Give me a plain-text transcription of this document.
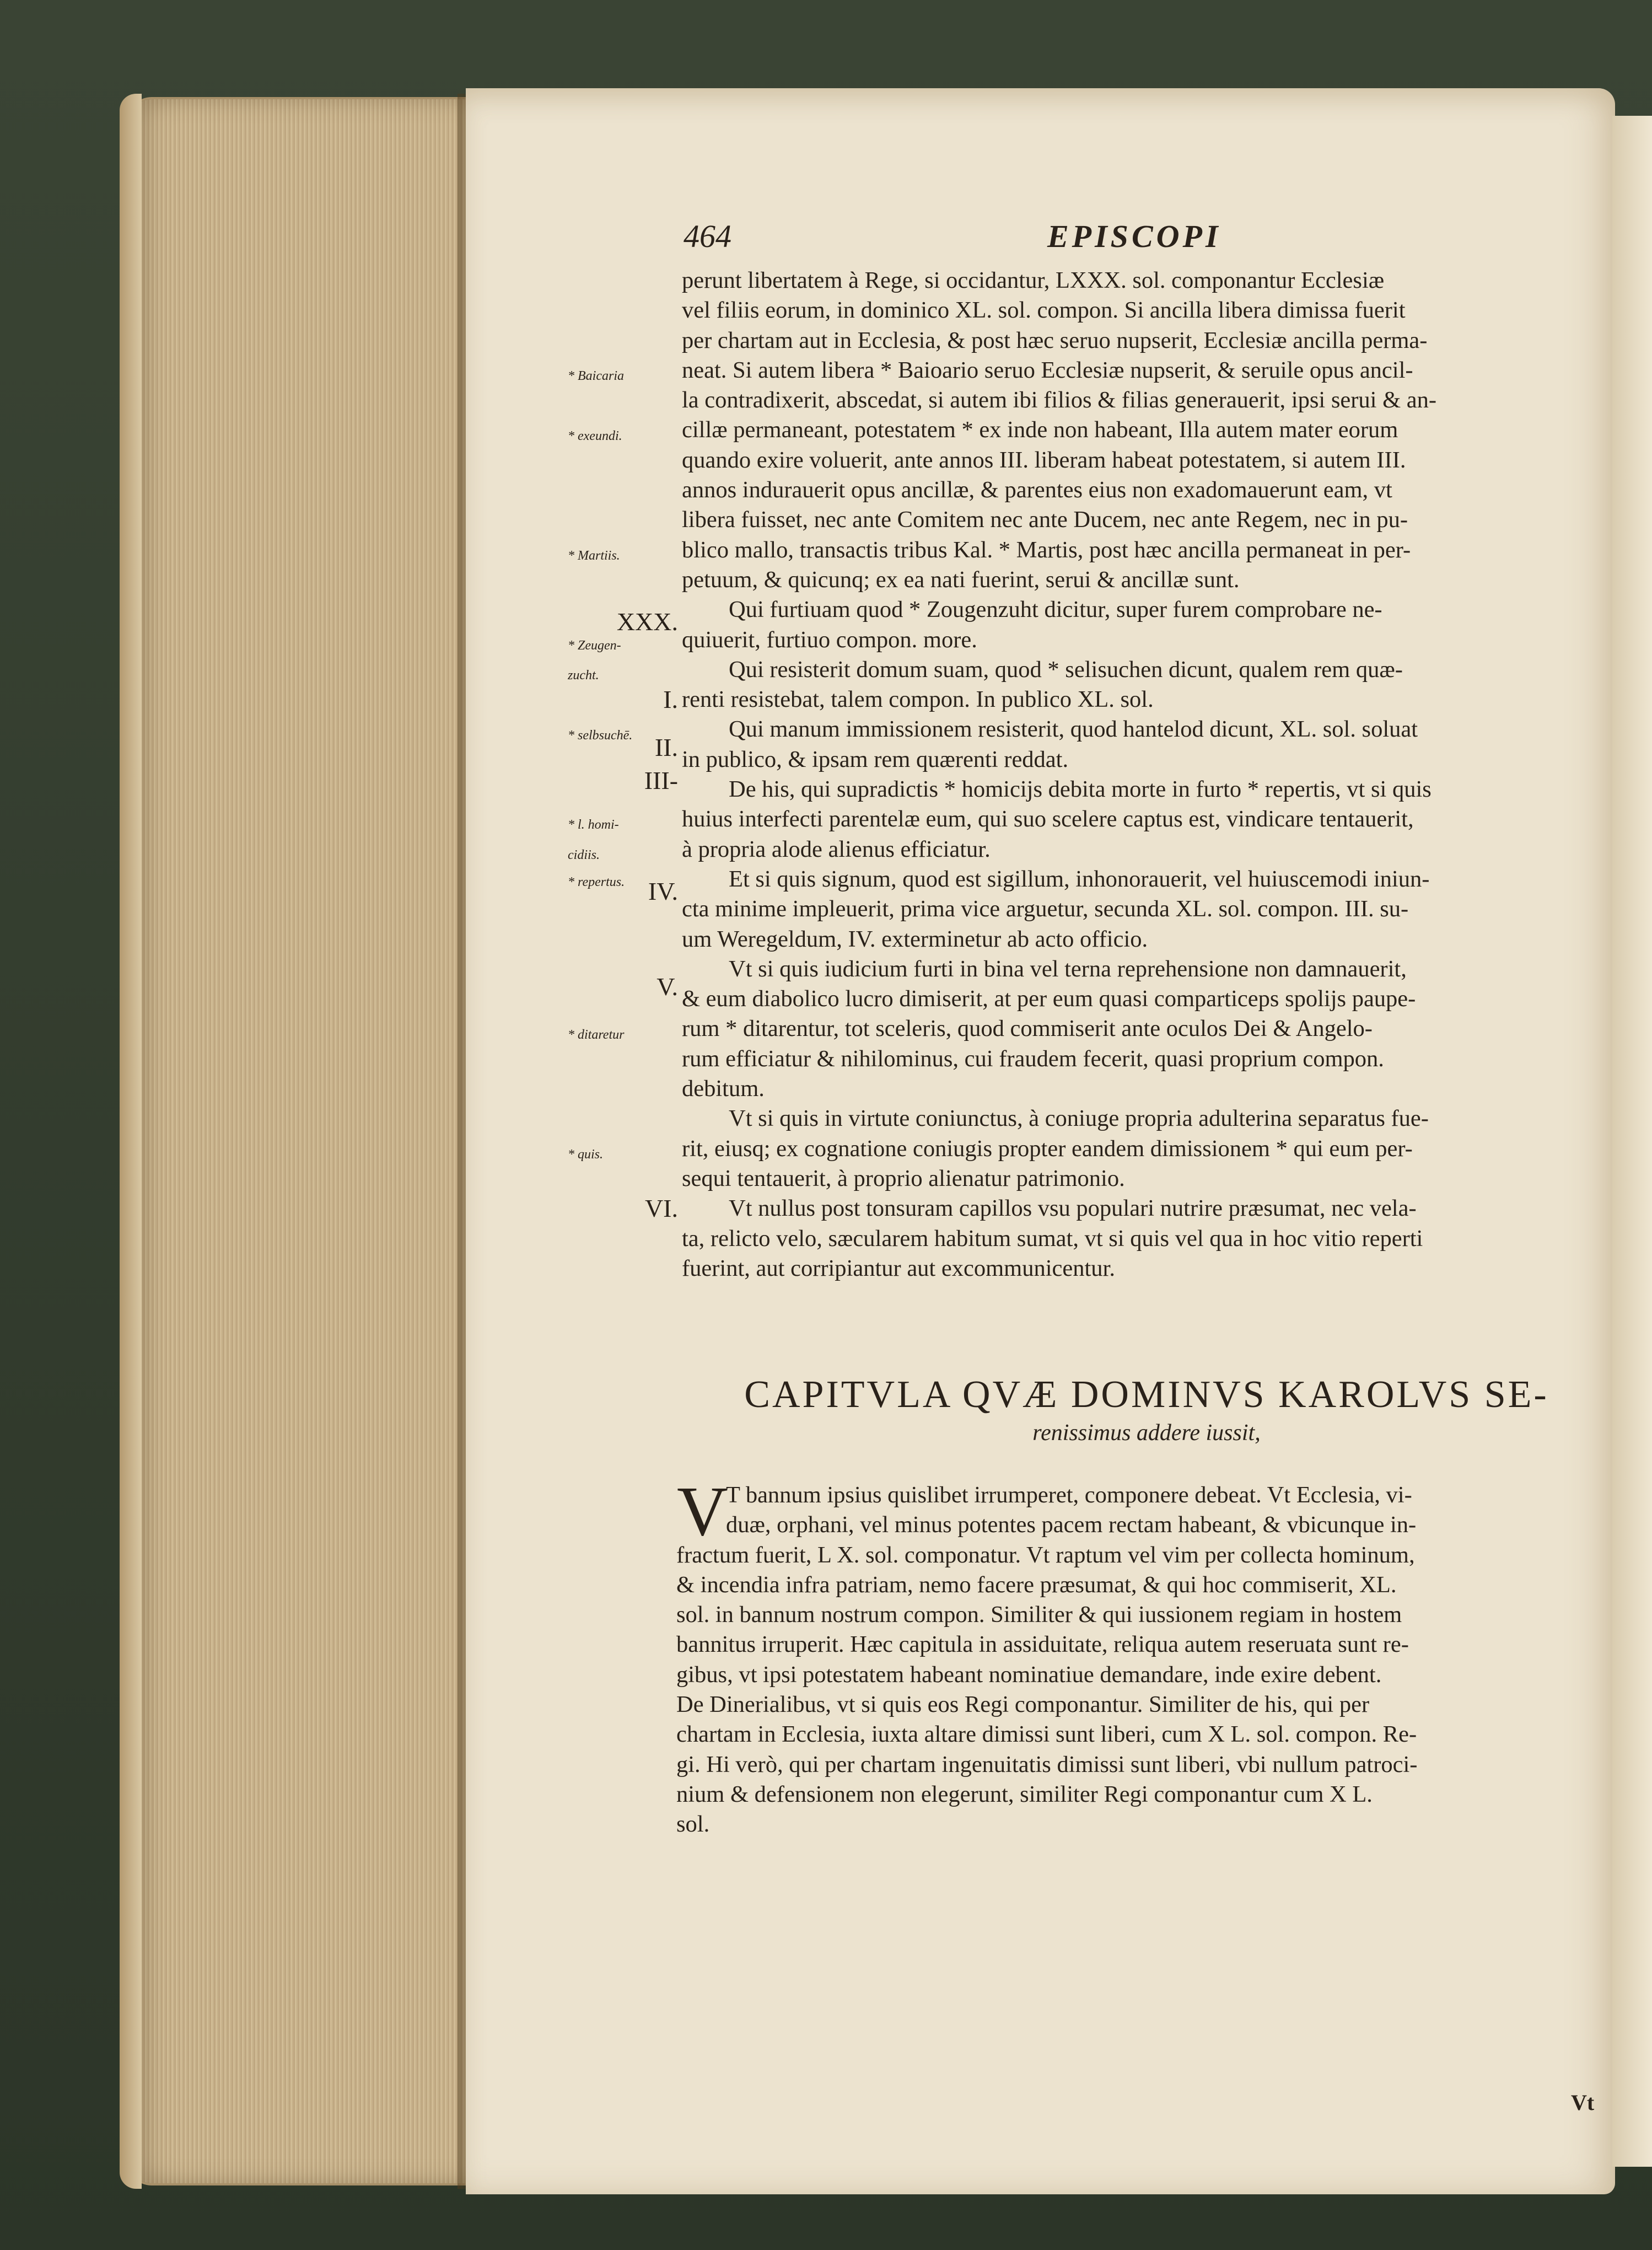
464	EPISCOPI
* Baicaria
* exeundi.
* Martiis.
* Zeugen-
zucht.
* selbsuchē.
* l. homi-
cidiis.
* repertus.
* ditaretur
* quis.
XXX.
I.
II.
III-
IV.
V.
VI.
perunt libertatem à Rege, si occidantur, LXXX. sol. componantur Ecclesiæ
vel filiis eorum, in dominico XL. sol. compon. Si ancilla libera dimissa fuerit
per chartam aut in Ecclesia, & post hæc seruo nupserit, Ecclesiæ ancilla perma-
neat. Si autem libera * Baioario seruo Ecclesiæ nupserit, & seruile opus ancil-
la contradixerit, abscedat, si autem ibi filios & filias generauerit, ipsi serui & an-
cillæ permaneant, potestatem * ex inde non habeant, Illa autem mater eorum
quando exire voluerit, ante annos III. liberam habeat potestatem, si autem III.
annos indurauerit opus ancillæ, & parentes eius non exadomauerunt eam, vt
libera fuisset, nec ante Comitem nec ante Ducem, nec ante Regem, nec in pu-
blico mallo, transactis tribus Kal. * Martis, post hæc ancilla permaneat in per-
petuum, & quicunq; ex ea nati fuerint, serui & ancillæ sunt.
Qui furtiuam quod * Zougenzuht dicitur, super furem comprobare ne-
quiuerit, furtiuo compon. more.
Qui resisterit domum suam, quod * selisuchen dicunt, qualem rem quæ-
renti resistebat, talem compon. In publico XL. sol.
Qui manum immissionem resisterit, quod hantelod dicunt, XL. sol. soluat
in publico, & ipsam rem quærenti reddat.
De his, qui supradictis * homicijs debita morte in furto * repertis, vt si quis
huius interfecti parentelæ eum, qui suo scelere captus est, vindicare tentauerit,
à propria alode alienus efficiatur.
Et si quis signum, quod est sigillum, inhonorauerit, vel huiuscemodi iniun-
cta minime impleuerit, prima vice arguetur, secunda XL. sol. compon. III. su-
um Weregeldum, IV. exterminetur ab acto officio.
Vt si quis iudicium furti in bina vel terna reprehensione non damnauerit,
& eum diabolico lucro dimiserit, at per eum quasi comparticeps spolijs paupe-
rum * ditarentur, tot sceleris, quod commiserit ante oculos Dei & Angelo-
rum efficiatur & nihilominus, cui fraudem fecerit, quasi proprium compon.
debitum.
Vt si quis in virtute coniunctus, à coniuge propria adulterina separatus fue-
rit, eiusq; ex cognatione coniugis propter eandem dimissionem * qui eum per-
sequi tentauerit, à proprio alienatur patrimonio.
Vt nullus post tonsuram capillos vsu populari nutrire præsumat, nec vela-
ta, relicto velo, sæcularem habitum sumat, vt si quis vel qua in hoc vitio reperti
fuerint, aut corripiantur aut excommunicentur.
CAPITVLA QVÆ DOMINVS KAROLVS SE-
renissimus addere iussit,
V
T bannum ipsius quislibet irrumperet, componere debeat. Vt Ecclesia, vi-
duæ, orphani, vel minus potentes pacem rectam habeant, & vbicunque in-
fractum fuerit, L X. sol. componatur. Vt raptum vel vim per collecta hominum,
& incendia infra patriam, nemo facere præsumat, & qui hoc commiserit, XL.
sol. in bannum nostrum compon. Similiter & qui iussionem regiam in hostem
bannitus irruperit. Hæc capitula in assiduitate, reliqua autem reseruata sunt re-
gibus, vt ipsi potestatem habeant nominatiue demandare, inde exire debent.
De Dinerialibus, vt si quis eos Regi componantur. Similiter de his, qui per
chartam in Ecclesia, iuxta altare dimissi sunt liberi, cum X L. sol. compon. Re-
gi. Hi verò, qui per chartam ingenuitatis dimissi sunt liberi, vbi nullum patroci-
nium & defensionem non elegerunt, similiter Regi componantur cum X L.
sol.
Vt
